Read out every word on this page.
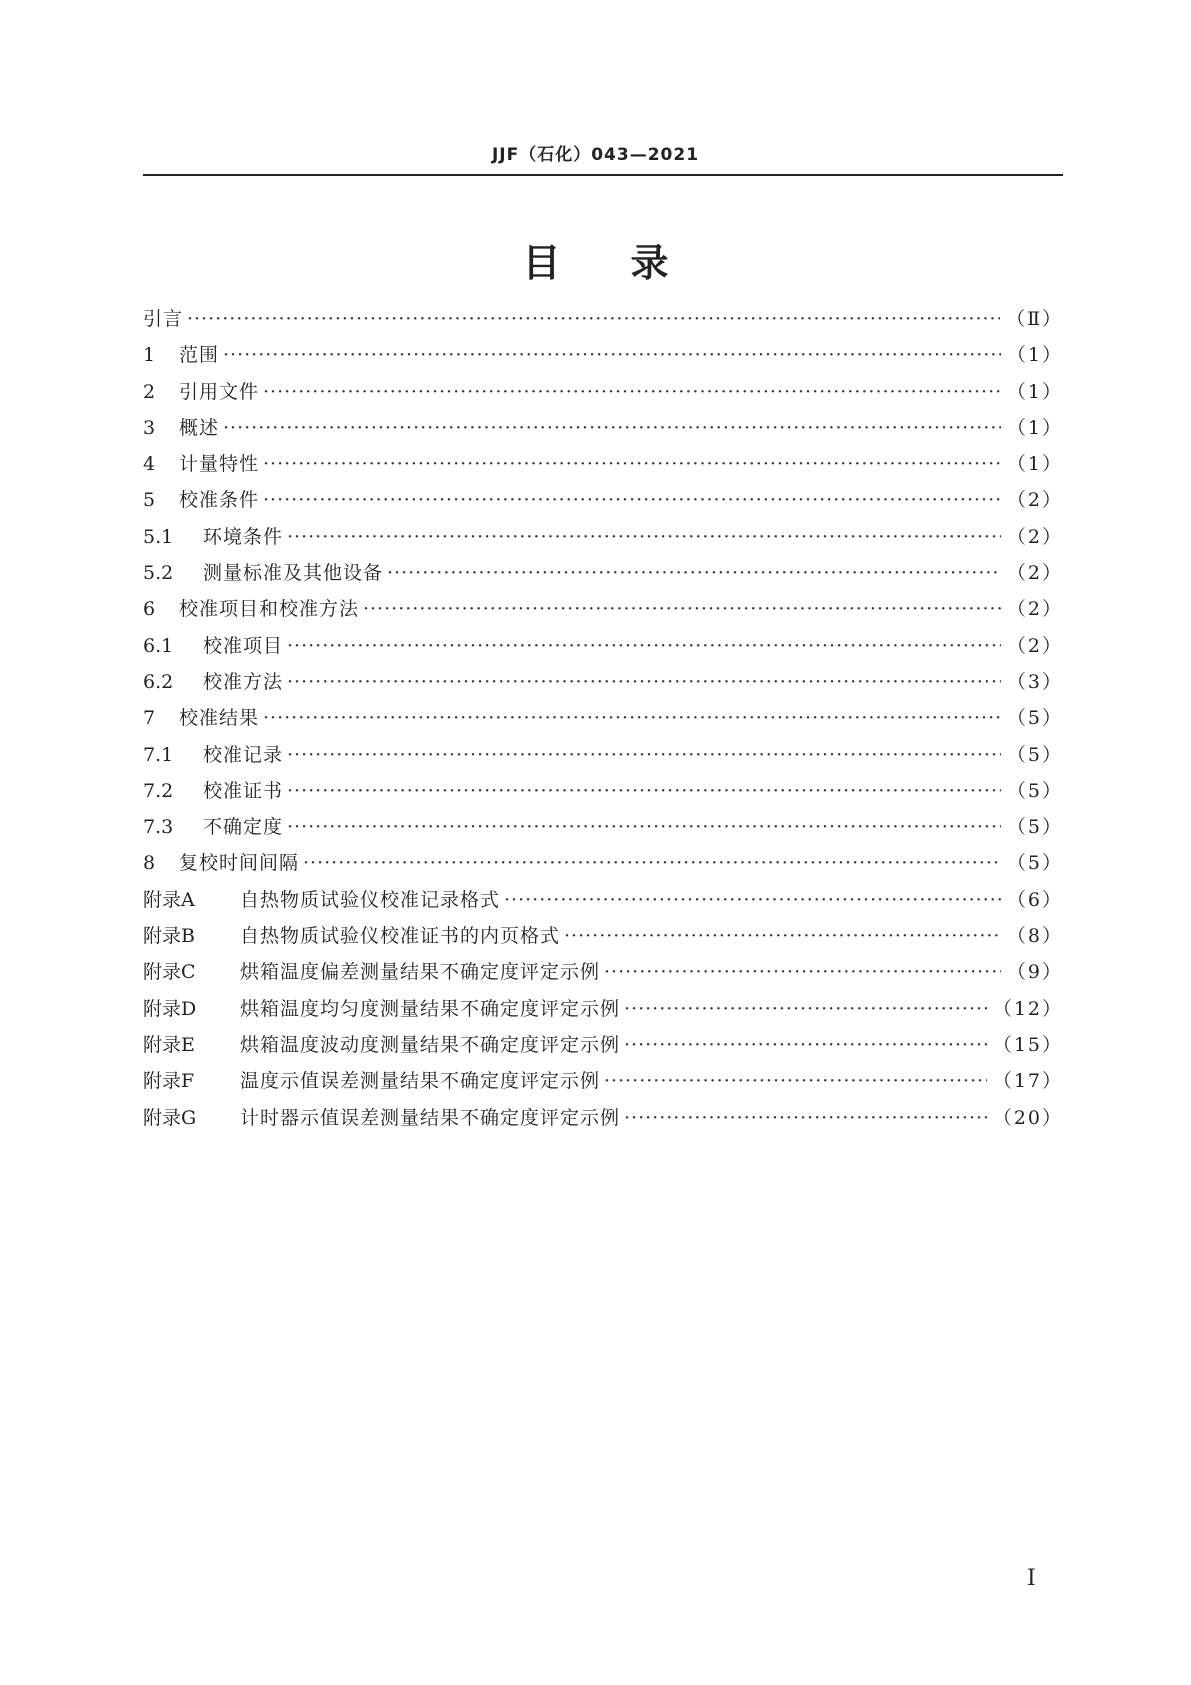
JJF（石化）043—2021
目录
引言 ·····	（Ⅱ）
1	范围 ·····	（1）
2	引用文件 ·····	（1）
3	概述 ·····	（1）
4	计量特性 ·····	（1）
5	校准条件 ·····	（2）
5.1	环境条件 ·····	（2）
5.2	测量标准及其他设备 ·····	（2）
6	校准项目和校准方法 ·····	（2）
6.1	校准项目 ·····	（2）
6.2	校准方法 ·····	（3）
7	校准结果 ·····	（5）
7.1	校准记录 ·····	（5）
7.2	校准证书 ·····	（5）
7.3	不确定度 ·····	（5）
8	复校时间间隔 ·····	（5）
附录A	自热物质试验仪校准记录格式 ·····	（6）
附录B	自热物质试验仪校准证书的内页格式 ·····	（8）
附录C	烘箱温度偏差测量结果不确定度评定示例 ·····	（9）
附录D	烘箱温度均匀度测量结果不确定度评定示例 ·····	（12）
附录E	烘箱温度波动度测量结果不确定度评定示例 ·····	（15）
附录F	温度示值误差测量结果不确定度评定示例 ·····	（17）
附录G	计时器示值误差测量结果不确定度评定示例 ·····	（20）
Ⅰ
